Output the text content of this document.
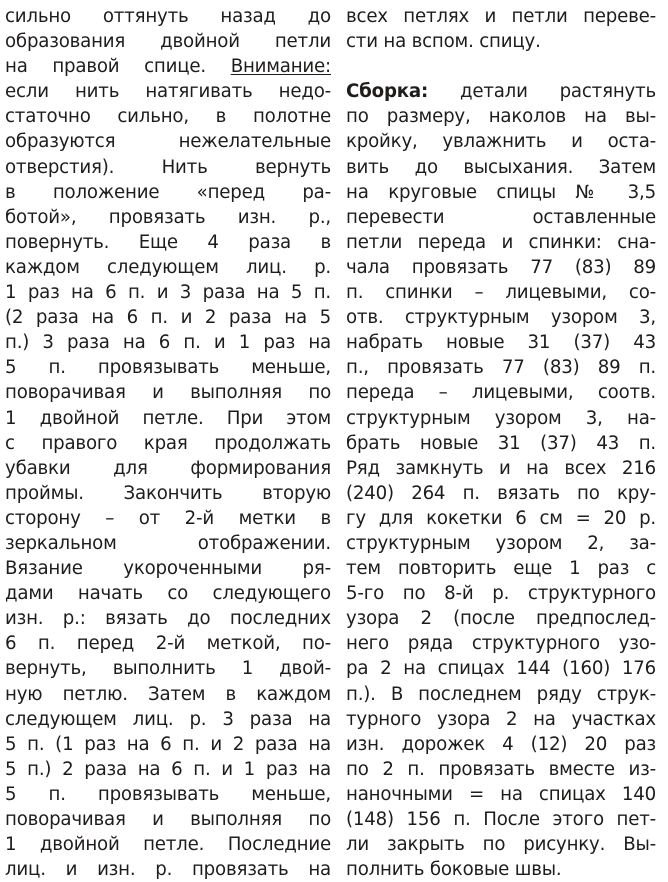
сильно оттянуть назад до
образования двойной петли
на правой спице. Внимание:
если нить натягивать недо-
статочно сильно, в полотне
образуются нежелательные
отверстия). Нить вернуть
в положение «перед ра-
ботой», провязать изн. р.,
повернуть. Еще 4 раза в
каждом следующем лиц. р.
1 раз на 6 п. и 3 раза на 5 п.
(2 раза на 6 п. и 2 раза на 5
п.) 3 раза на 6 п. и 1 раз на
5 п. провязывать меньше,
поворачивая и выполняя по
1 двойной петле. При этом
с правого края продолжать
убавки для формирования
проймы. Закончить вторую
сторону – от 2-й метки в
зеркальном отображении.
Вязание укороченными ря-
дами начать со следующего
изн. р.: вязать до последних
6 п. перед 2-й меткой, по-
вернуть, выполнить 1 двой-
ную петлю. Затем в каждом
следующем лиц. р. 3 раза на
5 п. (1 раз на 6 п. и 2 раза на
5 п.) 2 раза на 6 п. и 1 раз на
5 п. провязывать меньше,
поворачивая и выполняя по
1 двойной петле. Последние
лиц. и изн. р. провязать на
всех петлях и петли переве-
сти на вспом. спицу.
Сборка: детали растянуть
по размеру, наколов на вы-
кройку, увлажнить и оста-
вить до высыхания. Затем
на круговые спицы № 3,5
перевести оставленные
петли переда и спинки: сна-
чала провязать 77 (83) 89
п. спинки – лицевыми, со-
отв. структурным узором 3,
набрать новые 31 (37) 43
п., провязать 77 (83) 89 п.
переда – лицевыми, соотв.
структурным узором 3, на-
брать новые 31 (37) 43 п.
Ряд замкнуть и на всех 216
(240) 264 п. вязать по кру-
гу для кокетки 6 см = 20 р.
структурным узором 2, за-
тем повторить еще 1 раз с
5-го по 8-й р. структурного
узора 2 (после предпослед-
него ряда структурного узо-
ра 2 на спицах 144 (160) 176
п.). В последнем ряду струк-
турного узора 2 на участках
изн. дорожек 4 (12) 20 раз
по 2 п. провязать вместе из-
наночными = на спицах 140
(148) 156 п. После этого пет-
ли закрыть по рисунку. Вы-
полнить боковые швы.
